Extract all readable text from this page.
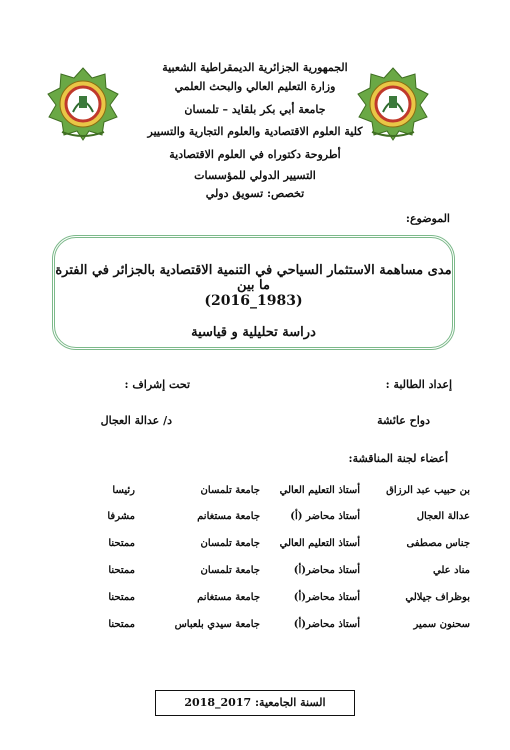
الجمهورية الجزائرية الديمقراطية الشعبية
وزارة التعليم العالي والبحث العلمي
جامعة أبي بكر بلقايد – تلمسان
كلية العلوم الاقتصادية والعلوم التجارية والتسيير
أطروحة دكتوراه في العلوم الاقتصادية
التسيير الدولي للمؤسسات
تخصص: تسويق دولي
الموضوع:
مدى مساهمة الاستثمار السياحي في التنمية الاقتصادية بالجزائر في الفترة ما بين
(1983_2016)
دراسة تحليلية و قياسية
إعداد الطالبة :
تحت إشراف :
دواح عائشة
د/ عدالة العجال
أعضاء لجنة المناقشة:
بن حبيب عبد الرزاق
أستاذ التعليم العالي
جامعة تلمسان
رئيسا
عدالة العجال
أستاذ محاضر (أ)
جامعة مستغانم
مشرفا
جناس مصطفى
أستاذ التعليم العالي
جامعة تلمسان
ممتحنا
مناد علي
أستاذ محاضر(أ)
جامعة تلمسان
ممتحنا
بوظراف جيلالي
أستاذ محاضر(أ)
جامعة مستغانم
ممتحنا
سحنون سمير
أستاذ محاضر(أ)
جامعة سيدي بلعباس
ممتحنا
السنة الجامعية: 2017_2018
